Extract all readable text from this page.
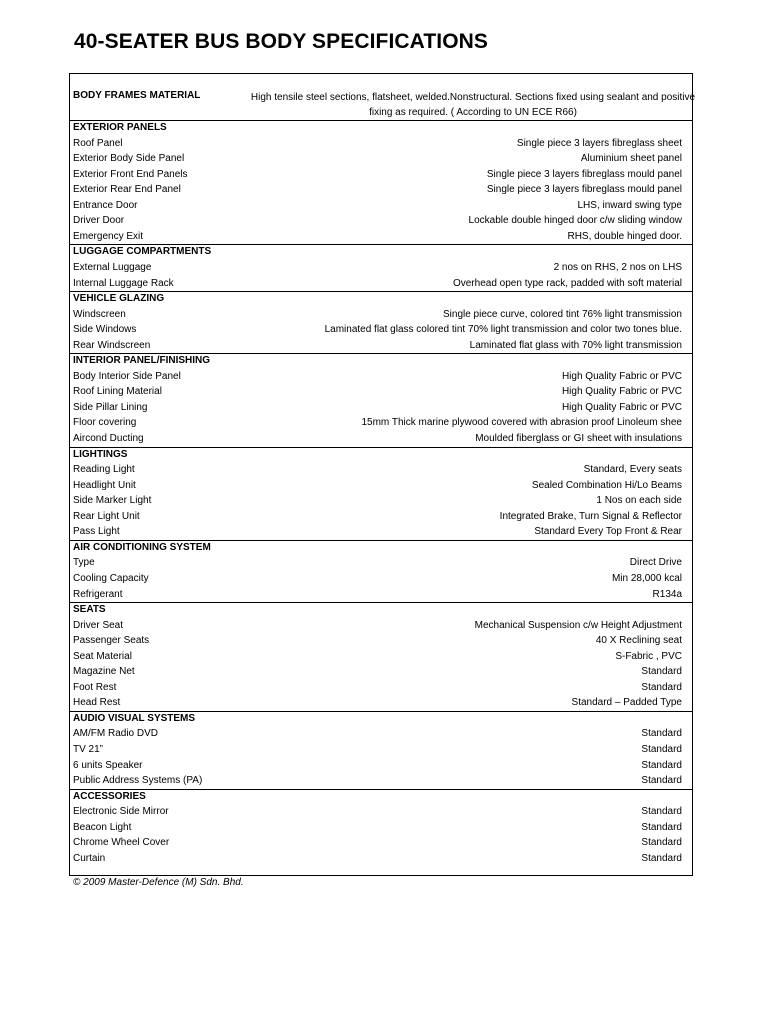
40-SEATER BUS BODY SPECIFICATIONS
BODY FRAMES MATERIAL	High tensile steel sections, flatsheet, welded.Nonstructural. Sections fixed using sealant and positive fixing as required. ( According to UN ECE R66)
EXTERIOR PANELS
Roof Panel	Single piece 3 layers fibreglass sheet
Exterior Body Side Panel	Aluminium sheet panel
Exterior Front End Panels	Single piece 3 layers fibreglass mould panel
Exterior Rear End Panel	Single piece 3 layers fibreglass mould panel
Entrance Door	LHS, inward swing type
Driver Door	Lockable double hinged door c/w sliding window
Emergency Exit	RHS, double hinged door.
LUGGAGE COMPARTMENTS
External Luggage	2 nos on RHS, 2 nos on LHS
Internal Luggage Rack	Overhead open type rack, padded with soft material
VEHICLE GLAZING
Windscreen	Single piece curve, colored tint 76% light transmission
Side Windows	Laminated flat glass colored tint 70% light transmission and color two tones blue.
Rear Windscreen	Laminated flat glass with 70% light transmission
INTERIOR PANEL/FINISHING
Body Interior Side Panel	High Quality Fabric or PVC
Roof Lining Material	High Quality Fabric or PVC
Side Pillar Lining	High Quality Fabric or PVC
Floor covering	15mm Thick marine plywood covered with abrasion proof Linoleum shee
Aircond Ducting	Moulded fiberglass or GI sheet with insulations
LIGHTINGS
Reading Light	Standard, Every seats
Headlight Unit	Sealed Combination Hi/Lo Beams
Side Marker Light	1 Nos on each side
Rear Light Unit	Integrated Brake, Turn Signal & Reflector
Pass Light	Standard Every Top Front & Rear
AIR CONDITIONING SYSTEM
Type	Direct Drive
Cooling Capacity	Min 28,000 kcal
Refrigerant	R134a
SEATS
Driver Seat	Mechanical Suspension c/w Height Adjustment
Passenger Seats	40 X Reclining seat
Seat Material	S-Fabric , PVC
Magazine Net	Standard
Foot Rest	Standard
Head Rest	Standard – Padded Type
AUDIO VISUAL SYSTEMS
AM/FM Radio DVD	Standard
TV 21”	Standard
6 units Speaker	Standard
Public Address Systems (PA)	Standard
ACCESSORIES
Electronic Side Mirror	Standard
Beacon Light	Standard
Chrome Wheel Cover	Standard
Curtain	Standard
© 2009 Master-Defence (M) Sdn. Bhd.
